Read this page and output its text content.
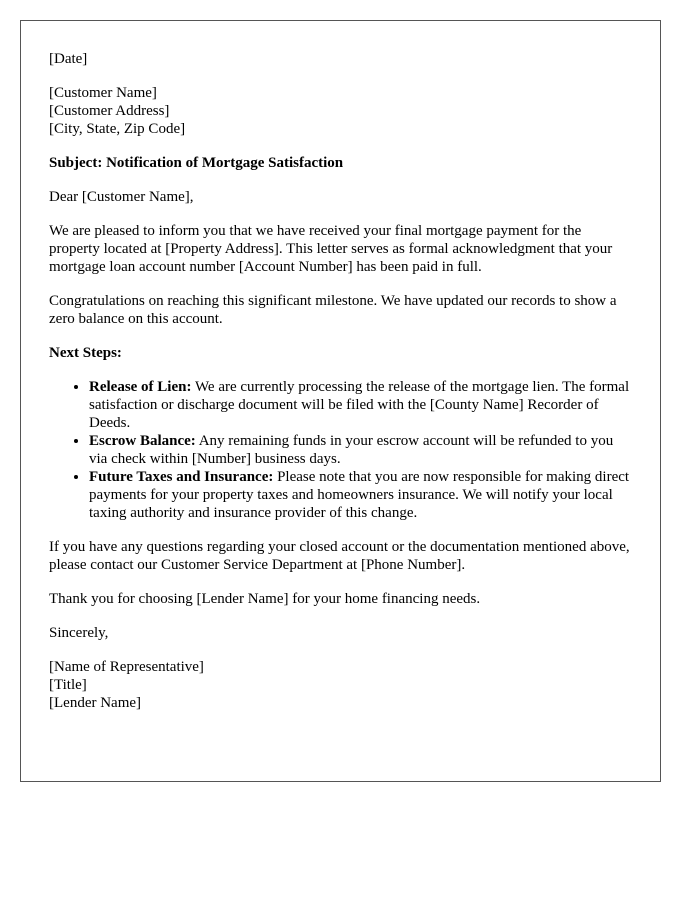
[Date]

[Customer Name]
[Customer Address]
[City, State, Zip Code]

Subject: Notification of Mortgage Satisfaction

Dear [Customer Name],

We are pleased to inform you that we have received your final mortgage payment for the property located at [Property Address]. This letter serves as formal acknowledgment that your mortgage loan account number [Account Number] has been paid in full.

Congratulations on reaching this significant milestone. We have updated our records to show a zero balance on this account.

Next Steps:

• Release of Lien: We are currently processing the release of the mortgage lien. The formal satisfaction or discharge document will be filed with the [County Name] Recorder of Deeds.
• Escrow Balance: Any remaining funds in your escrow account will be refunded to you via check within [Number] business days.
• Future Taxes and Insurance: Please note that you are now responsible for making direct payments for your property taxes and homeowners insurance. We will notify your local taxing authority and insurance provider of this change.

If you have any questions regarding your closed account or the documentation mentioned above, please contact our Customer Service Department at [Phone Number].

Thank you for choosing [Lender Name] for your home financing needs.

Sincerely,

[Name of Representative]
[Title]
[Lender Name]
